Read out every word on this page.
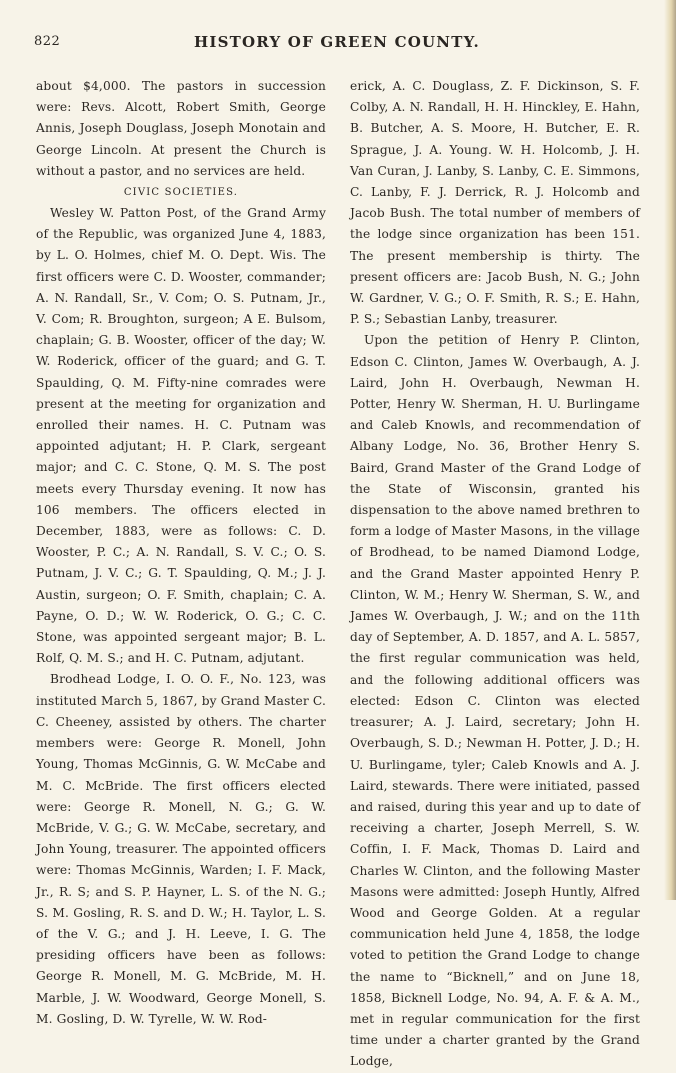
822	HISTORY OF GREEN COUNTY.

about $4,000. The pastors in succession were: Revs. Alcott, Robert Smith, George Annis, Joseph Douglass, Joseph Monotain and George Lincoln. At present the Church is without a pastor, and no services are held.

CIVIC SOCIETIES.

Wesley W. Patton Post, of the Grand Army of the Republic, was organized June 4, 1883, by L. O. Holmes, chief M. O. Dept. Wis. The first officers were C. D. Wooster, commander; A. N. Randall, Sr., V. Com; O. S. Putnam, Jr., V. Com; R. Broughton, surgeon; A E. Bulsom, chaplain; G. B. Wooster, officer of the day; W. W. Roderick, officer of the guard; and G. T. Spaulding, Q. M. Fifty-nine comrades were present at the meeting for organization and enrolled their names. H. C. Putnam was appointed adjutant; H. P. Clark, sergeant major; and C. C. Stone, Q. M. S. The post meets every Thursday evening. It now has 106 members. The officers elected in December, 1883, were as follows: C. D. Wooster, P. C.; A. N. Randall, S. V. C.; O. S. Putnam, J. V. C.; G. T. Spaulding, Q. M.; J. J. Austin, surgeon; O. F. Smith, chaplain; C. A. Payne, O. D.; W. W. Roderick, O. G.; C. C. Stone, was appointed sergeant major; B. L. Rolf, Q. M. S.; and H. C. Putnam, adjutant.

Brodhead Lodge, I. O. O. F., No. 123, was instituted March 5, 1867, by Grand Master C. C. Cheeney, assisted by others. The charter members were: George R. Monell, John Young, Thomas McGinnis, G. W. McCabe and M. C. McBride. The first officers elected were: George R. Monell, N. G.; G. W. McBride, V. G.; G. W. McCabe, secretary, and John Young, treasurer. The appointed officers were: Thomas McGinnis, Warden; I. F. Mack, Jr., R. S; and S. P. Hayner, L. S. of the N. G.; S. M. Gosling, R. S. and D. W.; H. Taylor, L. S. of the V. G.; and J. H. Leeve, I. G. The presiding officers have been as follows: George R. Monell, M. G. McBride, M. H. Marble, J. W. Woodward, George Monell, S. M. Gosling, D. W. Tyrelle, W. W. Rod-

erick, A. C. Douglass, Z. F. Dickinson, S. F. Colby, A. N. Randall, H. H. Hinckley, E. Hahn, B. Butcher, A. S. Moore, H. Butcher, E. R. Sprague, J. A. Young. W. H. Holcomb, J. H. Van Curan, J. Lanby, S. Lanby, C. E. Simmons, C. Lanby, F. J. Derrick, R. J. Holcomb and Jacob Bush. The total number of members of the lodge since organization has been 151. The present membership is thirty. The present officers are: Jacob Bush, N. G.; John W. Gardner, V. G.; O. F. Smith, R. S.; E. Hahn, P. S.; Sebastian Lanby, treasurer.

Upon the petition of Henry P. Clinton, Edson C. Clinton, James W. Overbaugh, A. J. Laird, John H. Overbaugh, Newman H. Potter, Henry W. Sherman, H. U. Burlingame and Caleb Knowls, and recommendation of Albany Lodge, No. 36, Brother Henry S. Baird, Grand Master of the Grand Lodge of the State of Wisconsin, granted his dispensation to the above named brethren to form a lodge of Master Masons, in the village of Brodhead, to be named Diamond Lodge, and the Grand Master appointed Henry P. Clinton, W. M.; Henry W. Sherman, S. W., and James W. Overbaugh, J. W.; and on the 11th day of September, A. D. 1857, and A. L. 5857, the first regular communication was held, and the following additional officers was elected: Edson C. Clinton was elected treasurer; A. J. Laird, secretary; John H. Overbaugh, S. D.; Newman H. Potter, J. D.; H. U. Burlingame, tyler; Caleb Knowls and A. J. Laird, stewards. There were initiated, passed and raised, during this year and up to date of receiving a charter, Joseph Merrell, S. W. Coffin, I. F. Mack, Thomas D. Laird and Charles W. Clinton, and the following Master Masons were admitted: Joseph Huntly, Alfred Wood and George Golden. At a regular communication held June 4, 1858, the lodge voted to petition the Grand Lodge to change the name to “Bicknell,” and on June 18, 1858, Bicknell Lodge, No. 94, A. F. & A. M., met in regular communication for the first time under a charter granted by the Grand Lodge,
